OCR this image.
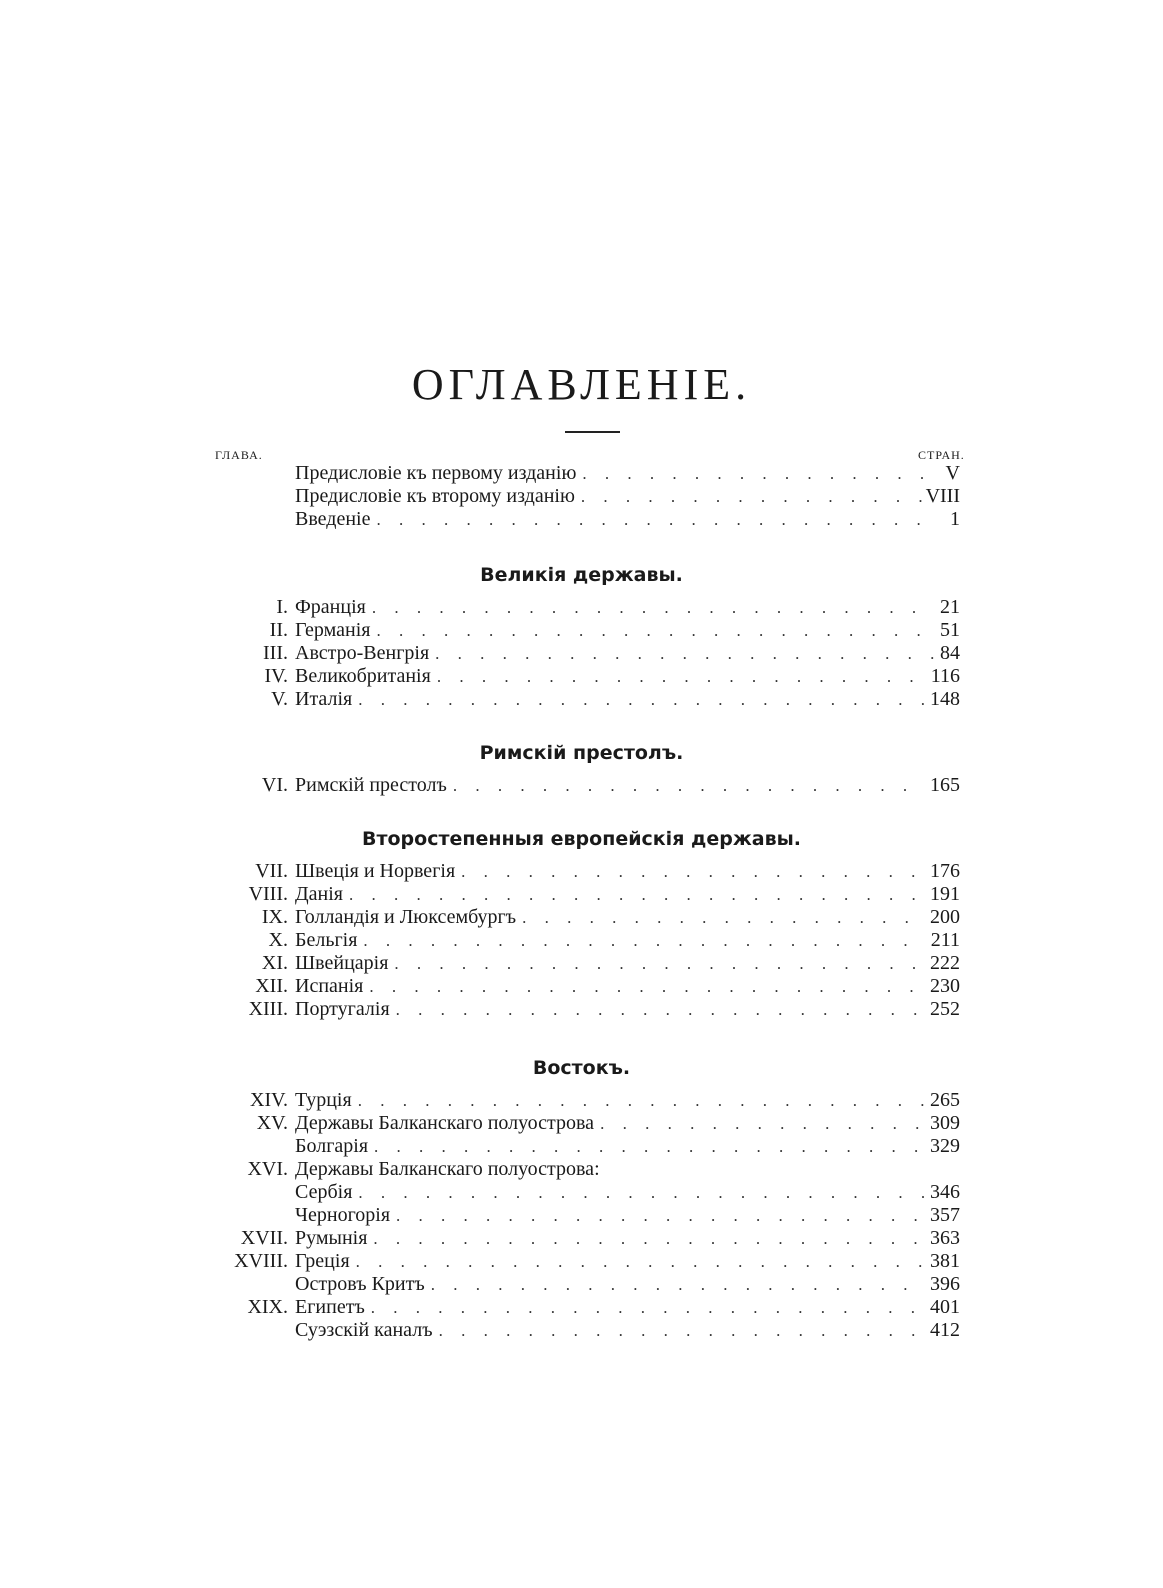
ОГЛАВЛЕНІЕ.
ГЛАВА.	СТРАН.
Предисловіе къ первому изданію . . .	V
Предисловіе къ второму изданію . . .	VIII
Введеніе . . .	1
Великія державы.
I. Франція . . .	21
II. Германія . . .	51
III. Австро-Венгрія . . .	84
IV. Великобританія . . .	116
V. Италія . . .	148
Римскій престолъ.
VI. Римскій престолъ . . .	165
Второстепенныя европейскія державы.
VII. Швеція и Норвегія . . .	176
VIII. Данія . . .	191
IX. Голландія и Люксембургъ . . .	200
X. Бельгія . . .	211
XI. Швейцарія . . .	222
XII. Испанія . . .	230
XIII. Португалія . . .	252
Востокъ.
XIV. Турція . . .	265
XV. Державы Балканскаго полуострова . . .	309
Болгарія . . .	329
XVI. Державы Балканскаго полуострова:
Сербія . . .	346
Черногорія . . .	357
XVII. Румынія . . .	363
XVIII. Греція . . .	381
Островъ Критъ . . .	396
XIX. Египетъ . . .	401
Суэзскій каналъ . . .	412
